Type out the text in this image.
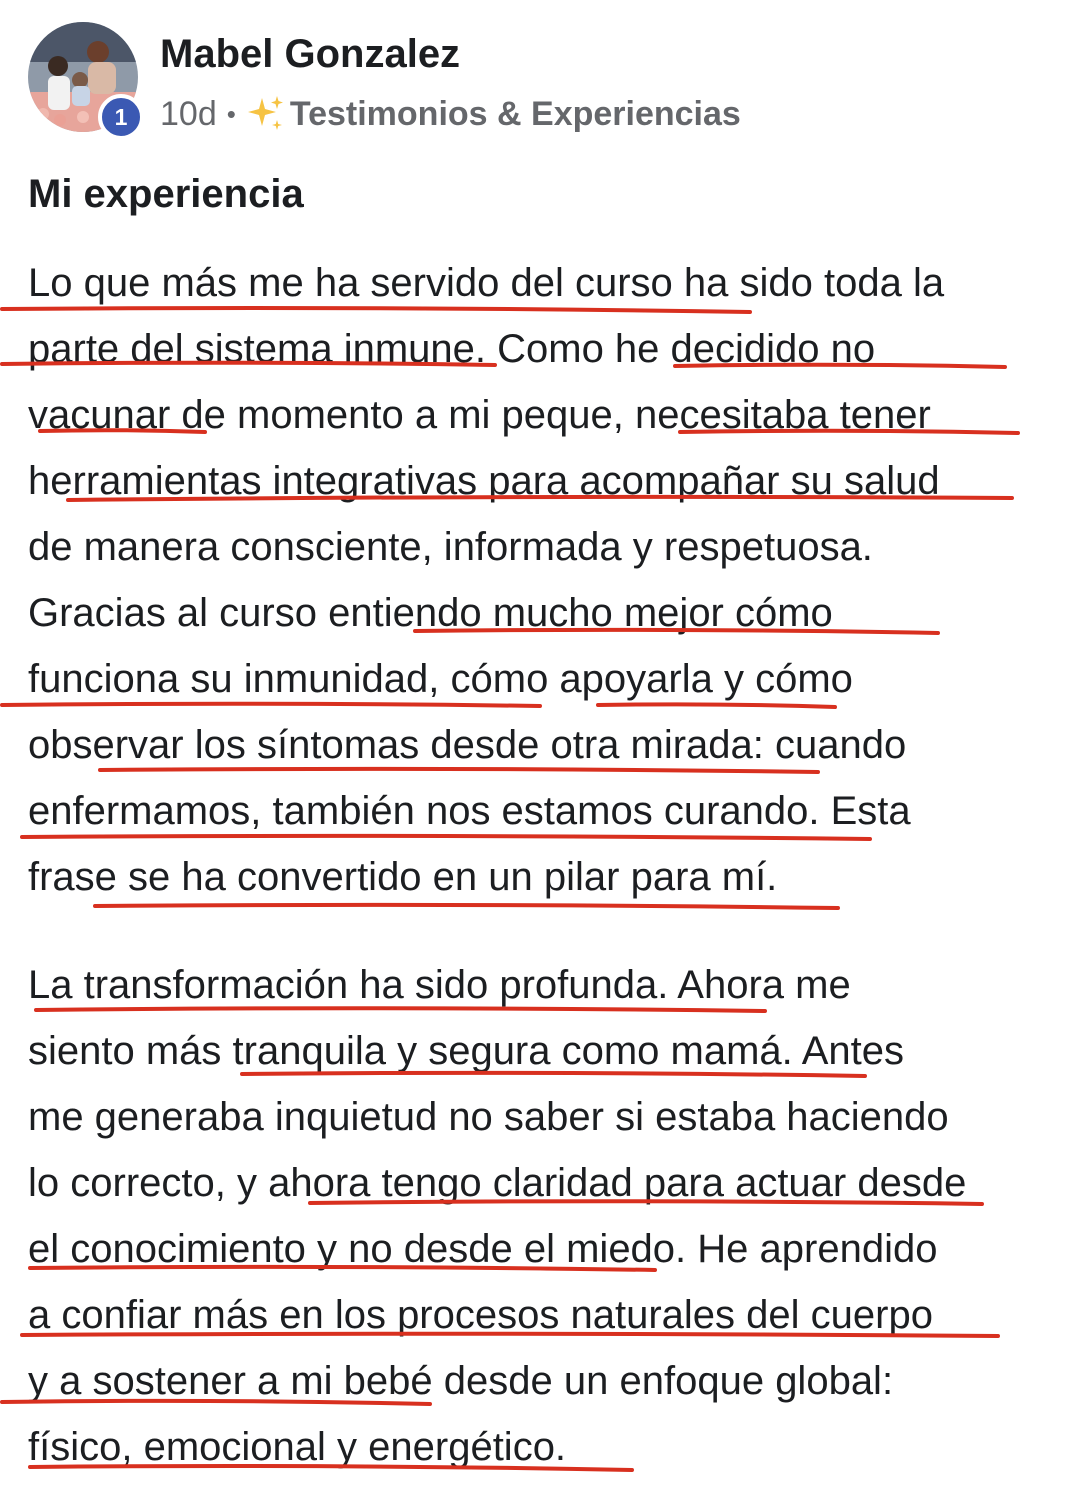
1
Mabel Gonzalez
10d • Testimonios & Experiencias
Mi experiencia
Lo que más me ha servido del curso ha sido toda la
parte del sistema inmune. Como he decidido no
vacunar de momento a mi peque, necesitaba tener
herramientas integrativas para acompañar su salud
de manera consciente, informada y respetuosa.
Gracias al curso entiendo mucho mejor cómo
funciona su inmunidad, cómo apoyarla y cómo
observar los síntomas desde otra mirada: cuando
enfermamos, también nos estamos curando. Esta
frase se ha convertido en un pilar para mí.
La transformación ha sido profunda. Ahora me
siento más tranquila y segura como mamá. Antes
me generaba inquietud no saber si estaba haciendo
lo correcto, y ahora tengo claridad para actuar desde
el conocimiento y no desde el miedo. He aprendido
a confiar más en los procesos naturales del cuerpo
y a sostener a mi bebé desde un enfoque global:
físico, emocional y energético.
